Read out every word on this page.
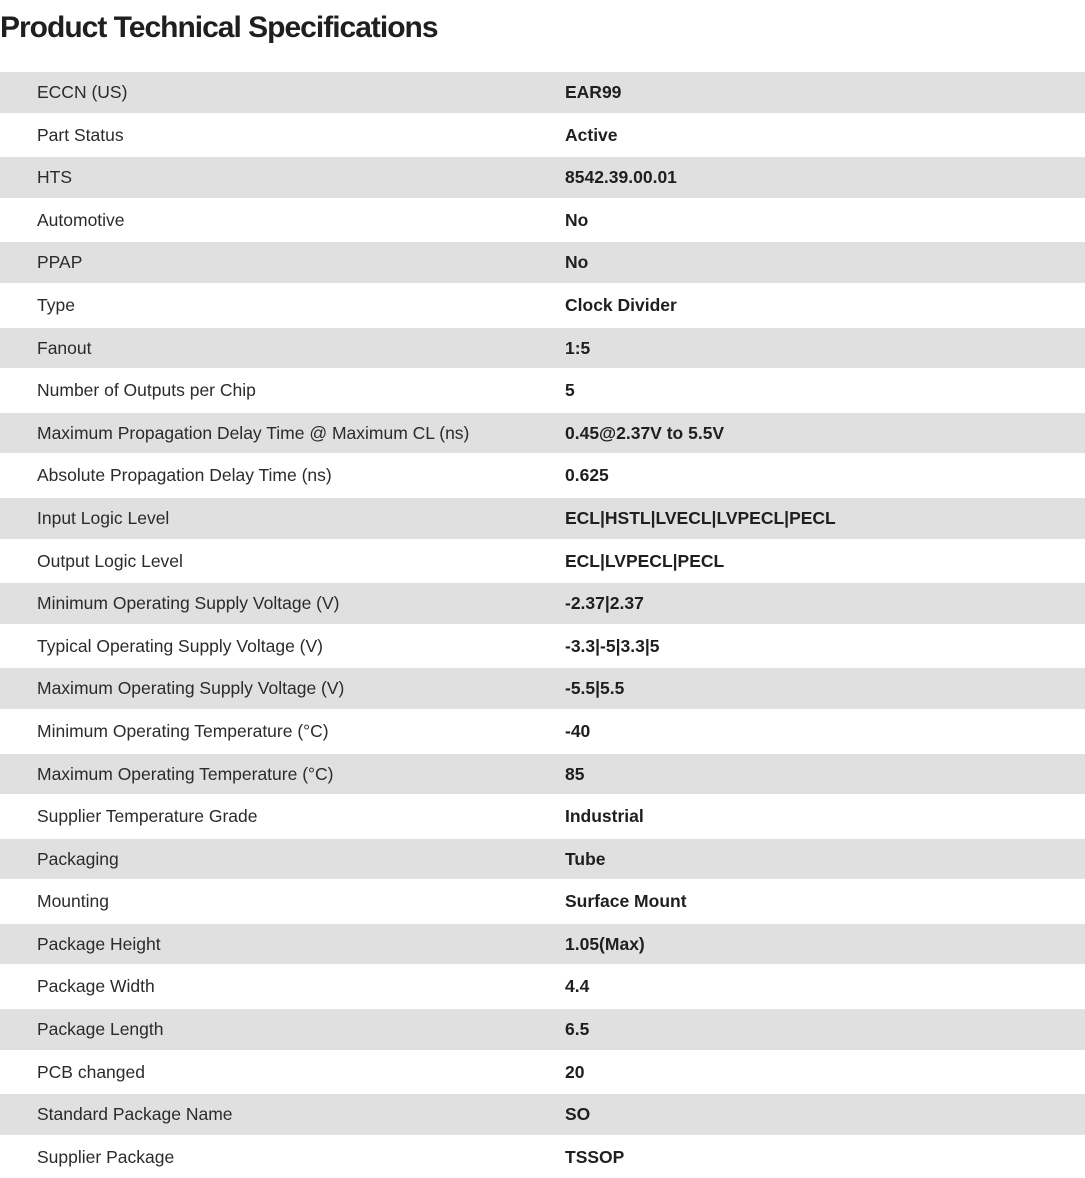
Product Technical Specifications
ECCN (US)	EAR99
Part Status	Active
HTS	8542.39.00.01
Automotive	No
PPAP	No
Type	Clock Divider
Fanout	1:5
Number of Outputs per Chip	5
Maximum Propagation Delay Time @ Maximum CL (ns)	0.45@2.37V to 5.5V
Absolute Propagation Delay Time (ns)	0.625
Input Logic Level	ECL|HSTL|LVECL|LVPECL|PECL
Output Logic Level	ECL|LVPECL|PECL
Minimum Operating Supply Voltage (V)	-2.37|2.37
Typical Operating Supply Voltage (V)	-3.3|-5|3.3|5
Maximum Operating Supply Voltage (V)	-5.5|5.5
Minimum Operating Temperature (°C)	-40
Maximum Operating Temperature (°C)	85
Supplier Temperature Grade	Industrial
Packaging	Tube
Mounting	Surface Mount
Package Height	1.05(Max)
Package Width	4.4
Package Length	6.5
PCB changed	20
Standard Package Name	SO
Supplier Package	TSSOP
